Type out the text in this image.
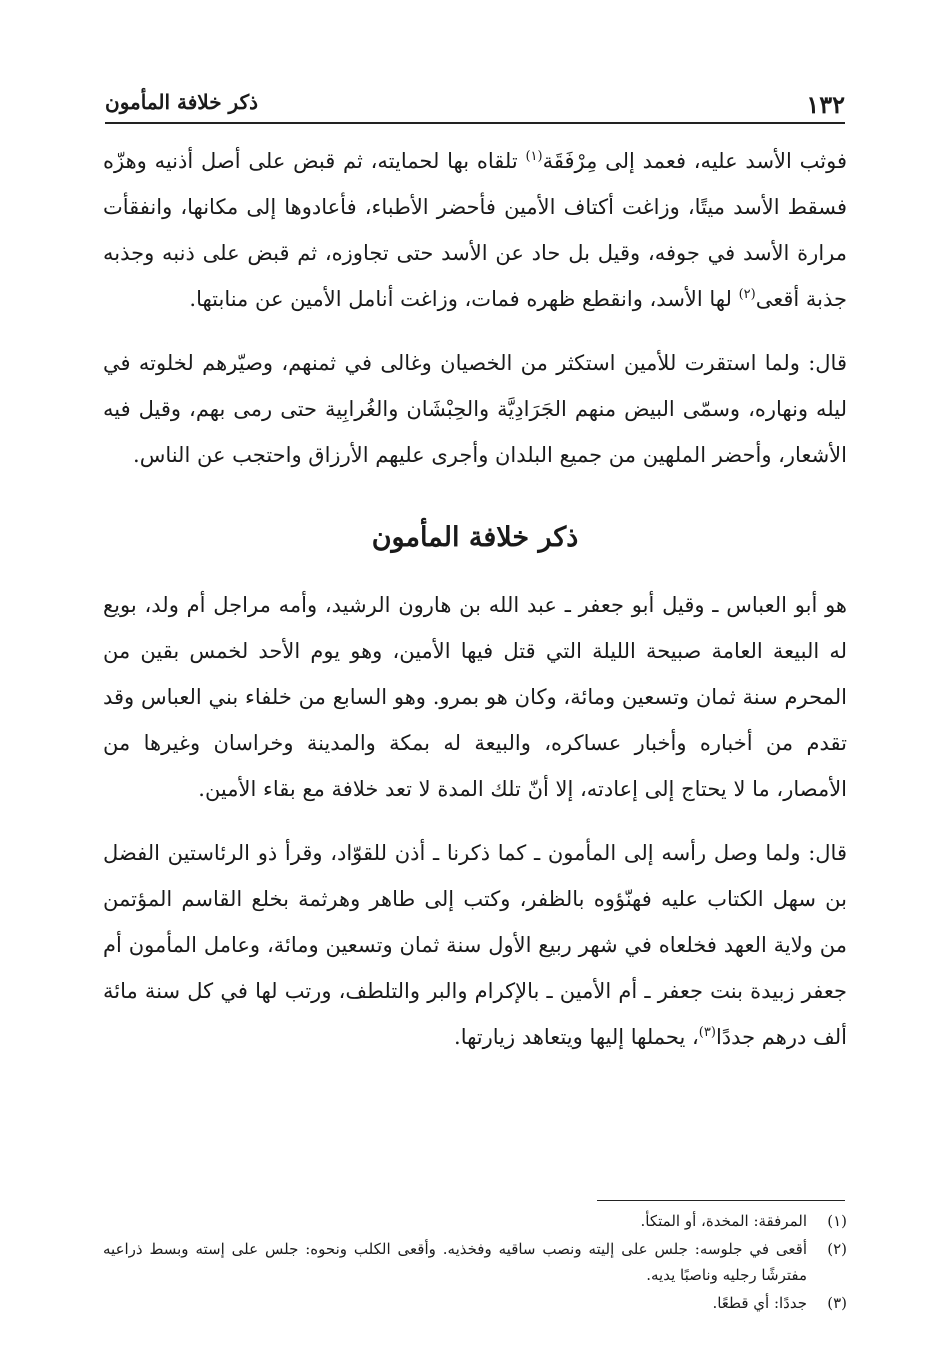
١٣٢
ذكر خلافة المأمون

فوثب الأسد عليه، فعمد إلى مِرْفَقَة$^{(١)}$ تلقاه بها لحمايته، ثم قبض على أصل أذنيه وهزّه فسقط الأسد ميتًا، وزاغت أكتاف الأمين فأحضر الأطباء، فأعادوها إلى مكانها، وانفقأت مرارة الأسد في جوفه، وقيل بل حاد عن الأسد حتى تجاوزه، ثم قبض على ذنبه وجذبه جذبة أقعى$^{(٢)}$ لها الأسد، وانقطع ظهره فمات، وزاغت أنامل الأمين عن منابتها.

قال: ولما استقرت للأمين استكثر من الخصيان وغالى في ثمنهم، وصيّرهم لخلوته في ليله ونهاره، وسمّى البيض منهم الجَرَادِيَّة والحِبْشَان والغُرابِية حتى رمى بهم، وقيل فيه الأشعار، وأحضر الملهين من جميع البلدان وأجرى عليهم الأرزاق واحتجب عن الناس.

ذكر خلافة المأمون

هو أبو العباس ـ وقيل أبو جعفر ـ عبد الله بن هارون الرشيد، وأمه مراجل أم ولد، بويع له البيعة العامة صبيحة الليلة التي قتل فيها الأمين، وهو يوم الأحد لخمس بقين من المحرم سنة ثمان وتسعين ومائة، وكان هو بمرو. وهو السابع من خلفاء بني العباس وقد تقدم من أخباره وأخبار عساكره، والبيعة له بمكة والمدينة وخراسان وغيرها من الأمصار، ما لا يحتاج إلى إعادته، إلا أنّ تلك المدة لا تعد خلافة مع بقاء الأمين.

قال: ولما وصل رأسه إلى المأمون ـ كما ذكرنا ـ أذن للقوّاد، وقرأ ذو الرئاستين الفضل بن سهل الكتاب عليه فهنّؤوه بالظفر، وكتب إلى طاهر وهرثمة بخلع القاسم المؤتمن من ولاية العهد فخلعاه في شهر ربيع الأول سنة ثمان وتسعين ومائة، وعامل المأمون أم جعفر زبيدة بنت جعفر ـ أم الأمين ـ بالإكرام والبر والتلطف، ورتب لها في كل سنة مائة ألف درهم جددًا$^{(٣)}$، يحملها إليها ويتعاهد زيارتها.

(١)
المرفقة: المخدة، أو المتكأ.
(٢)
أقعى في جلوسه: جلس على إليته ونصب ساقيه وفخذيه. وأقعى الكلب ونحوه: جلس على إسته وبسط ذراعيه مفترشًا رجليه وناصبًا يديه.
(٣)
جددًا: أي قطعًا.
